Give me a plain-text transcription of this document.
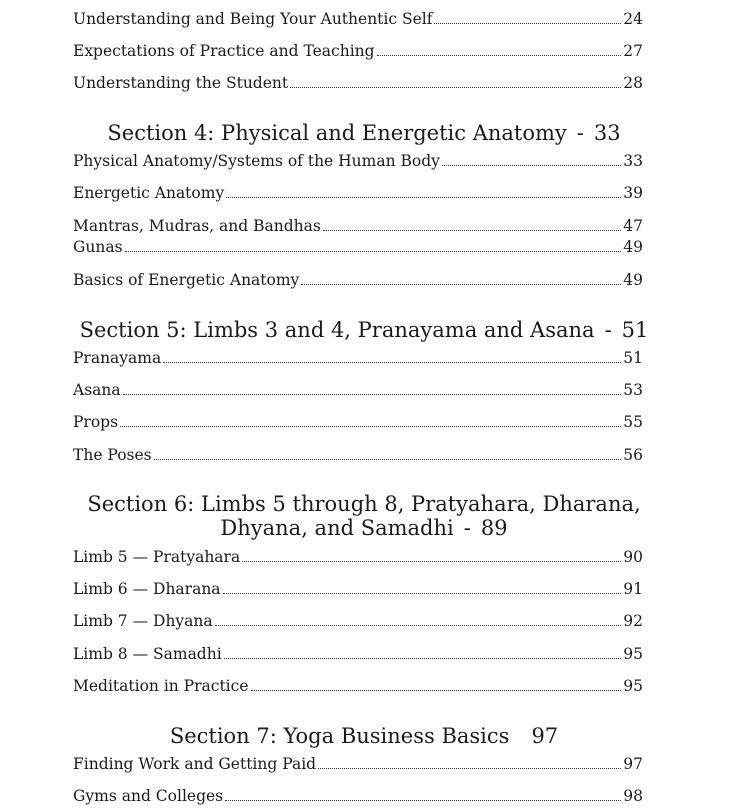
Understanding and Being Your Authentic Self	24
Expectations of Practice and Teaching	27
Understanding the Student	28
Section 4: Physical and Energetic Anatomy - 33
Physical Anatomy/Systems of the Human Body	33
Energetic Anatomy	39
Mantras, Mudras, and Bandhas	47
Gunas	49
Basics of Energetic Anatomy	49
Section 5: Limbs 3 and 4, Pranayama and Asana - 51
Pranayama	51
Asana	53
Props	55
The Poses	56
Section 6: Limbs 5 through 8, Pratyahara, Dharana,
Dhyana, and Samadhi - 89
Limb 5 — Pratyahara	90
Limb 6 — Dharana	91
Limb 7 — Dhyana	92
Limb 8 — Samadhi	95
Meditation in Practice	95
Section 7: Yoga Business Basics 97
Finding Work and Getting Paid	97
Gyms and Colleges	98
